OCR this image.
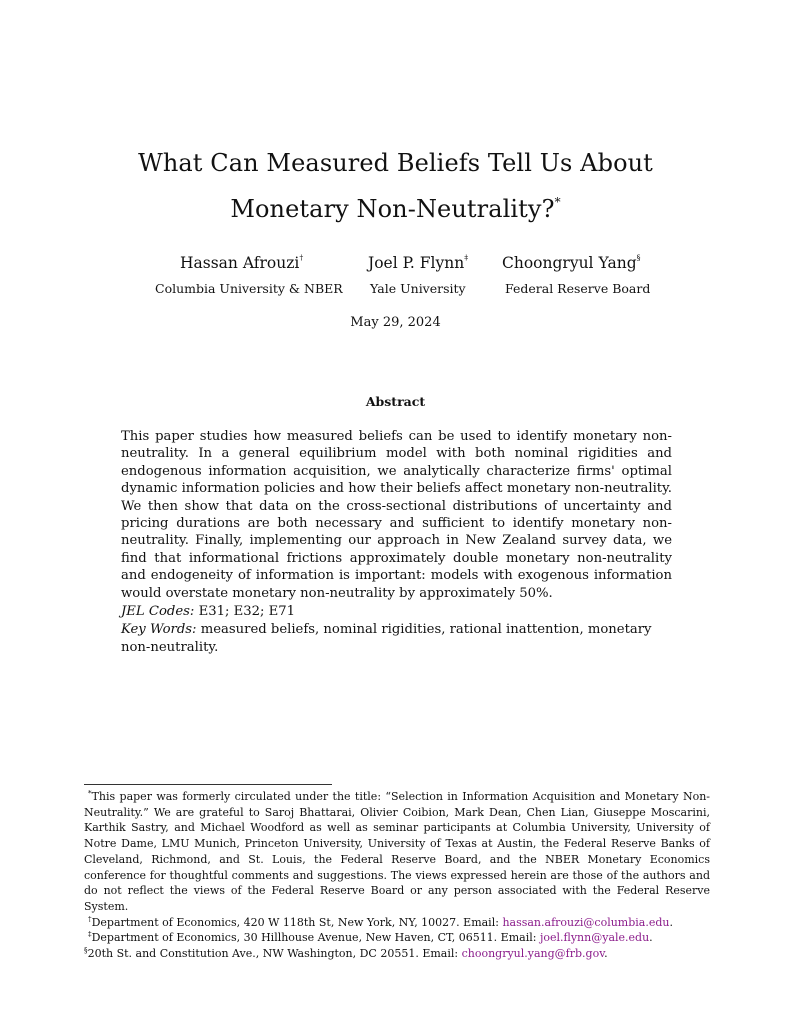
What Can Measured Beliefs Tell Us About
Monetary Non-Neutrality?*
Hassan Afrouzi†	Joel P. Flynn‡ Choongryul Yang§
Columbia University & NBER Yale University	Federal Reserve Board
May 29, 2024
Abstract
This paper studies how measured beliefs can be used to identify monetary non-neutrality. In a general equilibrium model with both nominal rigidities and endogenous information acquisition, we analytically characterize firms' optimal dynamic information policies and how their beliefs affect monetary non-neutrality. We then show that data on the cross-sectional distributions of uncertainty and pricing durations are both necessary and sufficient to identify monetary non-neutrality. Finally, implementing our approach in New Zealand survey data, we find that informational frictions approximately double monetary non-neutrality and endogeneity of information is important: models with exogenous information would overstate monetary non-neutrality by approximately 50%.
JEL Codes: E31; E32; E71
Key Words: measured beliefs, nominal rigidities, rational inattention, monetary non-neutrality.

*This paper was formerly circulated under the title: “Selection in Information Acquisition and Monetary Non-Neutrality.” We are grateful to Saroj Bhattarai, Olivier Coibion, Mark Dean, Chen Lian, Giuseppe Moscarini, Karthik Sastry, and Michael Woodford as well as seminar participants at Columbia University, University of Notre Dame, LMU Munich, Princeton University, University of Texas at Austin, the Federal Reserve Banks of Cleveland, Richmond, and St. Louis, the Federal Reserve Board, and the NBER Monetary Economics conference for thoughtful comments and suggestions. The views expressed herein are those of the authors and do not reflect the views of the Federal Reserve Board or any person associated with the Federal Reserve System.

†Department of Economics, 420 W 118th St, New York, NY, 10027. Email: hassan.afrouzi@columbia.edu.

‡Department of Economics, 30 Hillhouse Avenue, New Haven, CT, 06511. Email: joel.flynn@yale.edu.

§20th St. and Constitution Ave., NW Washington, DC 20551. Email: choongryul.yang@frb.gov.
